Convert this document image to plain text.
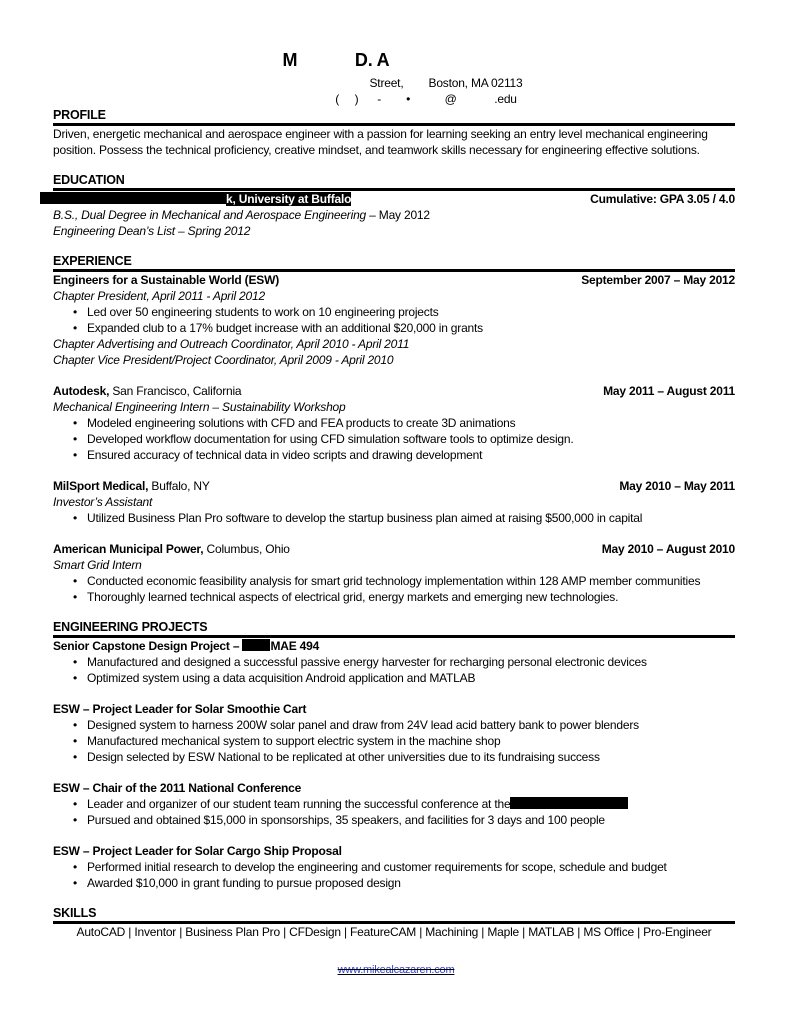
M            D. A
Street,        Boston, MA 02113
(     )      -        •           @            .edu
PROFILE
Driven, energetic mechanical and aerospace engineer with a passion for learning seeking an entry level mechanical engineering
position. Possess the technical proficiency, creative mindset, and teamwork skills necessary for engineering effective solutions.
EDUCATION
k, University at Buffalo	Cumulative: GPA 3.05 / 4.0
B.S., Dual Degree in Mechanical and Aerospace Engineering – May 2012
Engineering Dean’s List – Spring 2012
EXPERIENCE
Engineers for a Sustainable World (ESW)	September 2007 – May 2012
Chapter President, April 2011 - April 2012
• Led over 50 engineering students to work on 10 engineering projects
• Expanded club to a 17% budget increase with an additional $20,000 in grants
Chapter Advertising and Outreach Coordinator, April 2010 - April 2011
Chapter Vice President/Project Coordinator, April 2009 - April 2010
Autodesk, San Francisco, California	May 2011 – August 2011
Mechanical Engineering Intern – Sustainability Workshop
• Modeled engineering solutions with CFD and FEA products to create 3D animations
• Developed workflow documentation for using CFD simulation software tools to optimize design.
• Ensured accuracy of technical data in video scripts and drawing development
MilSport Medical, Buffalo, NY	May 2010 – May 2011
Investor’s Assistant
• Utilized Business Plan Pro software to develop the startup business plan aimed at raising $500,000 in capital
American Municipal Power, Columbus, Ohio	May 2010 – August 2010
Smart Grid Intern
• Conducted economic feasibility analysis for smart grid technology implementation within 128 AMP member communities
• Thoroughly learned technical aspects of electrical grid, energy markets and emerging new technologies.
ENGINEERING PROJECTS
Senior Capstone Design Project – MAE 494
• Manufactured and designed a successful passive energy harvester for recharging personal electronic devices
• Optimized system using a data acquisition Android application and MATLAB
ESW – Project Leader for Solar Smoothie Cart
• Designed system to harness 200W solar panel and draw from 24V lead acid battery bank to power blenders
• Manufactured mechanical system to support electric system in the machine shop
• Design selected by ESW National to be replicated at other universities due to its fundraising success
ESW – Chair of the 2011 National Conference
• Leader and organizer of our student team running the successful conference at the
• Pursued and obtained $15,000 in sponsorships, 35 speakers, and facilities for 3 days and 100 people
ESW – Project Leader for Solar Cargo Ship Proposal
• Performed initial research to develop the engineering and customer requirements for scope, schedule and budget
• Awarded $10,000 in grant funding to pursue proposed design
SKILLS
AutoCAD | Inventor | Business Plan Pro | CFDesign | FeatureCAM | Machining | Maple | MATLAB | MS Office | Pro-Engineer
www.mikealcazaren.com
